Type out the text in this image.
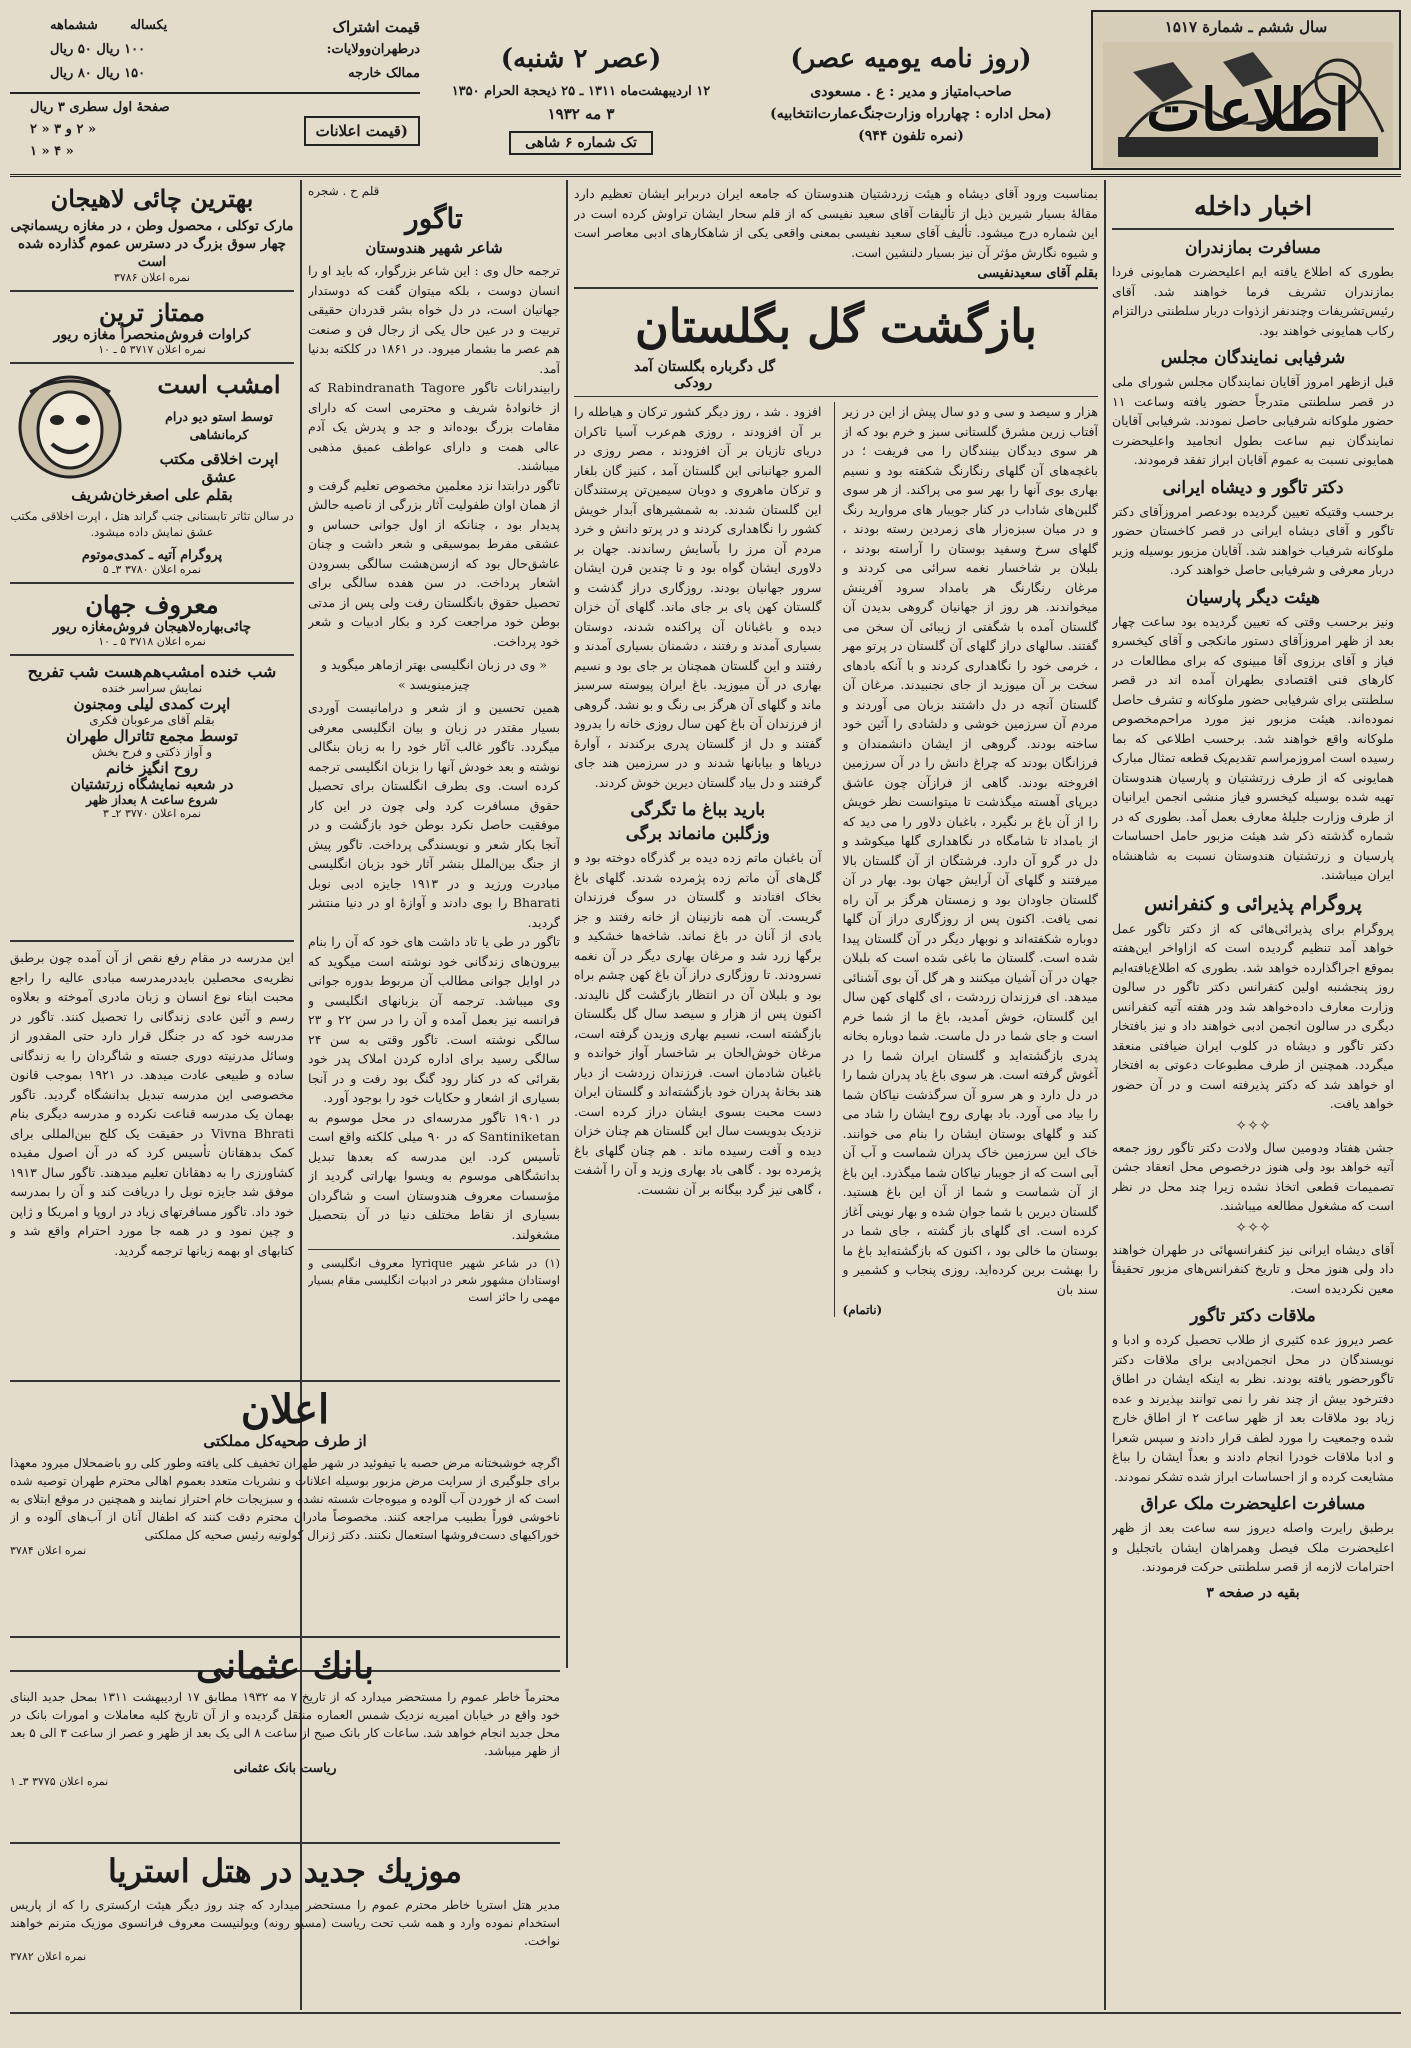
سال ششم ـ شمارة ۱۵۱۷
اطلاعات
(روز نامه یومیه عصر)
صاحب‌امتیاز و مدیر : ع . مسعودی
(محل اداره : چهارراه وزارت‌جنگ‌عمارت‌انتخابیه)
(نمره تلفون ۹۴۴)
(عصر ۲ شنبه)
۱۲ اردیبهشت‌ماه ۱۳۱۱ ـ ۲۵ ذیحجة الحرام ۱۳۵۰
۳ مه ۱۹۳۲
تک شماره ۶ شاهی
قیمت اشتراک
یکساله
ششماهه
درطهران‌وولایات:
۱۰۰ ریال ۵۰ ریال
ممالک خارجه
۱۵۰ ریال ۸۰ ریال
(قیمت اعلانات
صفحهٔ اول سطری ۳ ریال
« ۲ و ۳ « ۲
« ۴ « ۱
اخبار داخله
مسافرت بمازندران

بطوری که اطلاع یافته ایم اعلیحضرت همایونی فردا بمازندران تشریف فرما خواهند شد. آقای رئیس‌تشریفات وچندنفر ازذوات دربار سلطنتی درالتزام رکاب همایونی خواهند بود.

شرفیابی نمایندگان مجلس

قبل ازظهر امروز آقایان نمایندگان مجلس شورای ملی در قصر سلطنتی متدرجاً حضور یافته وساعت ۱۱ حضور ملوکانه شرفیابی حاصل نمودند. شرفیابی آقایان نمایندگان نیم ساعت بطول انجامید واعلیحضرت همایونی نسبت به عموم آقایان ابراز تفقد فرمودند.

دکتر تاگور و دیشاه ایرانی

برحسب وقتیکه تعیین گردیده بودعصر امروزآقای دکتر تاگور و آقای دیشاه ایرانی در قصر کاخستان حضور ملوکانه شرفیاب خواهند شد. آقایان مزبور بوسیله وزیر دربار معرفی و شرفیابی حاصل خواهند کرد.

هیئت دیگر پارسیان

ونیز برحسب وقتی که تعیین گردیده بود ساعت چهار بعد از ظهر امروزآقای دستور مانکجی و آقای کیخسرو فیاز و آقای برزوی آقا مبینوی که برای مطالعات در کارهای فنی اقتصادی بطهران آمده اند در قصر سلطنتی برای شرفیابی حضور ملوکانه و تشرف حاصل نموده‌اند. هیئت مزبور نیز مورد مراحم‌مخصوص ملوکانه واقع خواهند شد. برحسب اطلاعی که بما رسیده است امروزمراسم تقدیم‌یک قطعه تمثال مبارک همایونی که از طرف زرتشتیان و پارسیان هندوستان تهیه شده بوسیله کیخسرو فیاز منشی انجمن ایرانیان از طرف وزارت جلیلهٔ معارف بعمل آمد. بطوری که در شماره گذشته ذکر شد هیئت مزبور حامل احساسات پارسیان و زرتشتیان هندوستان نسبت به شاهنشاه ایران میباشند.

پروگرام پذیرائی و کنفرانس

پروگرام برای پذیرائی‌هائی که از دکتر تاگور عمل خواهد آمد تنظیم گردیده است که ازاواخر این‌هفته بموقع اجراگذارده خواهد شد. بطوری که اطلاع‌یافته‌ایم روز پنجشنبه اولین کنفرانس دکتر تاگور در سالون وزارت معارف داده‌خواهد شد ودر هفته آتیه کنفرانس دیگری در سالون انجمن ادبی خواهند داد و نیز بافتخار دکتر تاگور و دیشاه در کلوب ایران ضیافتی منعقد میگردد. همچنین از طرف مطبوعات دعوتی به افتخار او خواهد شد که دکتر پذیرفته است و در آن حضور خواهد یافت.

✧✧✧

جشن هفتاد ودومین سال ولادت دکتر تاگور روز جمعه آتیه خواهد بود ولی هنوز درخصوص محل انعقاد جشن تصمیمات قطعی اتخاذ نشده زیرا چند محل در نظر است که مشغول مطالعه میباشند.

✧✧✧

آقای دیشاه ایرانی نیز کنفرانسهائی در طهران خواهند داد ولی هنوز محل و تاریخ کنفرانس‌های مزبور تحقیقاً معین نکردیده است.

ملاقات دکتر تاگور

عصر دیروز عده کثیری از طلاب تحصیل کرده و ادبا و نویسندگان در محل انجمن‌ادبی برای ملاقات دکتر تاگورحضور یافته بودند. نظر به اینکه ایشان در اطاق دفترخود بیش از چند نفر را نمی توانند بپذیرند و عده زیاد بود ملاقات بعد از ظهر ساعت ۲ از اطاق خارج شده وجمعیت را مورد لطف قرار دادند و سپس شعرا و ادبا ملاقات خودرا انجام دادند و بعداً ایشان را بباغ مشایعت کرده و از احساسات ابراز شده تشکر نمودند.

مسافرت اعلیحضرت ملک عراق

برطبق رایرت واصله دیروز سه ساعت بعد از ظهر اعلیحضرت ملک فیصل وهمراهان ایشان باتجلیل و احترامات لازمه از قصر سلطنتی حرکت فرمودند.

بقیه در صفحه ۳

بمناسبت ورود آقای دیشاه و هیئت زردشتیان هندوستان که جامعه ایران دربرابر ایشان تعظیم دارد مقالهٔ بسیار شیرین ذیل از تألیفات آقای سعید نفیسی که از قلم سحار ایشان تراوش کرده است در این شماره درج میشود. تألیف آقای سعید نفیسی بمعنی واقعی یکی از شاهکارهای ادبی معاصر است و شیوه نگارش مؤثر آن نیز بسیار دلنشین است.

بقلم آقای سعیدنفیسی
بازگشت گل بگلستان
گل دگرباره بگلستان آمد
رودکی

هزار و سیصد و سی و دو سال پیش از این در زیر آفتاب زرین مشرق گلستانی سبز و خرم بود که از هر سوی دیدگان بینندگان را می فریفت ؛ در باغچه‌های آن گلهای رنگارنگ شکفته بود و نسیم بهاری بوی آنها را بهر سو می پراکند. از هر سوی گلبن‌های شاداب در کنار جویبار های مروارید رنگ و در میان سبزه‌زار های زمردین رسته بودند ، گلهای سرخ وسفید بوستان را آراسته بودند ، بلبلان بر شاخسار نغمه سرائی می کردند و مرغان رنگارنگ هر بامداد سرود آفرینش میخواندند. هر روز از جهانیان گروهی بدیدن آن گلستان آمده با شگفتی از زیبائی آن سخن می گفتند. سالهای دراز گلهای آن گلستان در پرتو مهر ، خرمی خود را نگاهداری کردند و با آنکه بادهای سخت بر آن میوزید از جای نجنبیدند. مرغان آن گلستان آنچه در دل داشتند بزبان می آوردند و مردم آن سرزمین خوشی و دلشادی را آئین خود ساخته بودند. گروهی از ایشان دانشمندان و فرزانگان بودند که چراغ دانش را در آن سرزمین افروخته بودند. گاهی از فرازآن چون عاشق دیرپای آهسته میگذشت تا میتوانست نظر خویش را از آن باغ بر نگیرد ، باغبان دلاور را می دید که از بامداد تا شامگاه در نگاهداری گلها میکوشد و دل در گرو آن دارد. فرشتگان از آن گلستان بالا میرفتند و گلهای آن آرایش جهان بود. بهار در آن گلستان جاودان بود و زمستان هرگز بر آن راه نمی یافت. اکنون پس از روزگاری دراز آن گلها دوباره شکفته‌اند و نوبهار دیگر در آن گلستان پیدا شده است. گلستان ما باغی شده است که بلبلان جهان در آن آشیان میکنند و هر گل آن بوی آشنائی میدهد. ای فرزندان زردشت ، ای گلهای کهن سال این گلستان، خوش آمدید، باغ ما از شما خرم است و جای شما در دل ماست. شما دوباره بخانه پدری بازگشته‌اید و گلستان ایران شما را در آغوش گرفته است. هر سوی باغ یاد پدران شما را در دل دارد و هر سرو آن سرگذشت نیاکان شما را بیاد می آورد. باد بهاری روح ایشان را شاد می کند و گلهای بوستان ایشان را بنام می خوانند. خاک این سرزمین خاک پدران شماست و آب آن آبی است که از جویبار نیاکان شما میگذرد. این باغ از آن شماست و شما از آن این باغ هستید. گلستان دیرین با شما جوان شده و بهار نوینی آغاز کرده است. ای گلهای باز گشته ، جای شما در بوستان ما خالی بود ، اکنون که بازگشته‌اید باغ ما را بهشت برین کرده‌اید. روزی پنجاب و کشمیر و سند بان

(ناتمام)

افزود . شد ، روز دیگر کشور ترکان و هیاطله را بر آن افزودند ، روزی هم‌عرب آسیا تاکران دریای تازیان بر آن افزودند ، مصر روزی در المرو جهانبانی این گلستان آمد ، کنیز گان بلغار و ترکان ماهروی و دوبان سیمین‌تن پرستندگان این گلستان شدند. به شمشیرهای آبدار خویش کشور را نگاهداری کردند و در پرتو دانش و خرد مردم آن مرز را بآسایش رساندند. جهان بر دلاوری ایشان گواه بود و تا چندین قرن ایشان سرور جهانیان بودند. روزگاری دراز گذشت و گلستان کهن پای بر جای ماند. گلهای آن خزان دیده و باغبانان آن پراکنده شدند، دوستان بسیاری آمدند و رفتند ، دشمنان بسیاری آمدند و رفتند و این گلستان همچنان بر جای بود و نسیم بهاری در آن میوزید. باغ ایران پیوسته سرسبز ماند و گلهای آن هرگز بی رنگ و بو نشد. گروهی از فرزندان آن باغ کهن سال روزی خانه را بدرود گفتند و دل از گلستان پدری برکندند ، آوارهٔ دریاها و بیابانها شدند و در سرزمین هند جای گرفتند و دل بیاد گلستان دیرین خوش کردند.

بارید بباغ ما تگرگی
وزگلبن مانماند برگی

آن باغبان ماتم زده دیده بر گذرگاه دوخته بود و گل‌های آن ماتم زده پژمرده شدند. گلهای باغ بخاک افتادند و گلستان در سوگ فرزندان گریست. آن همه نازنینان از خانه رفتند و جز یادی از آنان در باغ نماند. شاخه‌ها خشکید و برگها زرد شد و مرغان بهاری دیگر در آن نغمه نسرودند. تا روزگاری دراز آن باغ کهن چشم براه بود و بلبلان آن در انتظار بازگشت گل نالیدند. اکنون پس از هزار و سیصد سال گل بگلستان بازگشته است، نسیم بهاری وزیدن گرفته است، مرغان خوش‌الحان بر شاخسار آواز خوانده و باغبان شادمان است. فرزندان زردشت از دیار هند بخانهٔ پدران خود بازگشته‌اند و گلستان ایران دست محبت بسوی ایشان دراز کرده است. نزدیک بدویست سال این گلستان هم چنان خزان دیده و آفت رسیده ماند . هم چنان گلهای باغ پژمرده بود . گاهی باد بهاری وزید و آن را آشفت ، گاهی نیز گرد بیگانه بر آن نشست.

قلم ح . شجره
تاگور
شاعر شهیر هندوستان

ترجمه حال وی : این شاعر بزرگوار، که باید او را انسان دوست ، بلکه میتوان گفت که دوستدار جهانیان است، در دل خواه بشر قدردان حقیقی تربیت و در عین حال یکی از رجال فن و صنعت هم‌ عصر ما بشمار میرود. در ۱۸۶۱ در کلکته بدنیا آمد.

رابیندرانات تاگور Rabindranath Tagore که از خانوادهٔ شریف و محترمی است که دارای مقامات بزرگ بوده‌اند و جد و پدرش یک آدم عالی همت و دارای عواطف عمیق مذهبی میباشند.

تاگور درابتدا نزد معلمین مخصوص تعلیم گرفت و از همان اوان طفولیت آثار بزرگی از ناصیه حالش پدیدار بود ، چنانکه از اول جوانی حساس و عشقی مفرط بموسیقی و شعر داشت و چنان عاشق‌حال بود که ازسن‌هشت سالگی بسرودن اشعار پرداخت. در سن هفده سالگی برای تحصیل حقوق بانگلستان رفت ولی پس از مدتی بوطن خود مراجعت کرد و بکار ادبیات و شعر خود پرداخت.

« وی در زبان انگلیسی بهتر ازماهر میگوید و چیزمینویسد »

همین تحسین و از شعر و درامانیست آوردی بسیار مقتدر در زبان و بیان انگلیسی معرفی میگردد. تاگور غالب آثار خود را به زبان بنگالی نوشته و بعد خودش آنها را بزبان انگلیسی ترجمه کرده است. وی بطرف انگلستان برای تحصیل حقوق مسافرت کرد ولی چون در این کار موفقیت حاصل نکرد بوطن خود بازگشت و در آنجا بکار شعر و نویسندگی پرداخت. تاگور پیش از جنگ بین‌الملل بنشر آثار خود بزبان انگلیسی مبادرت ورزید و در ۱۹۱۳ جایزه ادبی نوبل Bharati را بوی دادند و آوازهٔ او در دنیا منتشر گردید.

تاگور در طی یا تاد داشت های خود که آن را بنام بیرون‌های زندگانی خود نوشته است میگوید که در اوایل جوانی مطالب آن مربوط بدوره جوانی وی میباشد. ترجمه آن بزبانهای انگلیسی و فرانسه نیز بعمل آمده و آن را در سن ۲۲ و ۲۳ سالگی نوشته است. تاگور وقتی به سن ۲۴ سالگی رسید برای اداره کردن املاک پدر خود بقرائی که در کنار رود گنگ بود رفت و در آنجا بسیاری از اشعار و حکایات خود را بوجود آورد.

در ۱۹۰۱ تاگور مدرسه‌ای در محل موسوم به Santiniketan که در ۹۰ میلی کلکته واقع است تأسیس کرد. این مدرسه که بعدها تبدیل بدانشگاهی موسوم به ویسوا بهاراتی گردید از مؤسسات معروف هندوستان است و شاگردان بسیاری از نقاط مختلف دنیا در آن بتحصیل مشغولند.

(۱) در شاعر شهیر lyrique معروف انگلیسی و اوستادان مشهور شعر در ادبیات انگلیسی مقام بسیار مهمی را حائز است

بهترین چائی لاهیجان

مارک توکلی ، محصول وطن ، در مغازه ریسمانچی چهار سوق بزرگ در دسترس عموم گذارده شده است

نمره اعلان ۳۷۸۶
ممتاز ترین
کراوات فروش‌منحصراً مغازه ریور
نمره اعلان ۳۷۱۷ ۵ ـ ۱۰
امشب است
توسط استو دیو درام کرمانشاهی
اپرت اخلاقی مکتب عشق
بقلم علی اصغرخان‌شریف
در سالن تئاتر تابستانی جنب گراند هتل ، اپرت اخلاقی مکتب عشق نمایش داده میشود.
پروگرام آتیه‌ ـ کمدی‌موتوم
نمره اعلان ۳۷۸۰ ۳ـ ۵
معروف جهان
چائی‌بهاره‌لاهیجان فروش‌مغازه ریور
نمره اعلان ۳۷۱۸ ۵ ـ ۱۰
شب خنده امشب‌هم‌هست شب تفریح
نمایش سراسر خنده
اپرت کمدی لیلی ومجنون
بقلم آقای مرعوبان فکری
توسط مجمع تئاترال طهران
و آواز ذکتی و فرح بخش
روح انگیز خانم
در شعبه نمایشگاه زرتشتیان
شروع ساعت ۸ بعداز ظهر
نمره اعلان ۳۷۷۰ ۲ـ ۳

این مدرسه در مقام رفع نقص از آن آمده چون برطبق نظریه‌ی محصلین بایددرمدرسه مبادی عالیه را راجع محبت ابناء نوع انسان و زبان مادری آموخته و بعلاوه رسم و آئین عادی زندگانی را تحصیل کنند. تاگور در مدرسه خود که در جنگل قرار دارد حتی المقدور از وسائل مدرنیته دوری جسته و شاگردان را به زندگانی ساده و طبیعی عادت میدهد. در ۱۹۲۱ بموجب قانون مخصوصی این مدرسه تبدیل بدانشگاه گردید. تاگور بهمان یک مدرسه قناعت نکرده و مدرسه دیگری بنام Vivna Bhrati در حقیقت یک کلج بین‌المللی برای کمک بدهقانان تأسیس کرد که در آن اصول مفیده کشاورزی را به دهقانان تعلیم میدهند. تاگور سال ۱۹۱۳ موفق شد جایزه نوبل را دریافت کند و آن را بمدرسه خود داد. تاگور مسافرتهای زیاد در اروپا و امریکا و ژاپن و چین نمود و در همه جا مورد احترام واقع شد و کتابهای او بهمه زبانها ترجمه گردید.

اعلان
از طرف صحیه‌کل مملکتی

اگرچه خوشبختانه مرض حصبه یا تیفوئید در شهر طهران تخفیف کلی یافته وطور کلی رو باضمحلال میرود معهذا برای جلوگیری از سرایت مرض مزبور بوسیله اعلانات و نشریات متعدد بعموم اهالی محترم طهران توصیه شده است که از خوردن آب آلوده و میوه‌جات شسته نشده و سبزیجات خام احتراز نمایند و همچنین در موقع ابتلای به ناخوشی فوراً بطبیب مراجعه کنند. مخصوصاً مادران محترم دقت کنند که اطفال آنان از آب‌های آلوده و از خوراکیهای دست‌فروشها استعمال نکنند. دکتر ژنرال کولونیه رئیس صحیه کل مملکتی

نمره اعلان ۳۷۸۴
بانك عثمانی

محترماً خاطر عموم را مستحضر میدارد که از تاریخ ۷ مه ۱۹۳۲ مطابق ۱۷ اردیبهشت ۱۳۱۱ بمحل جدید البنای خود واقع در خیابان امیریه نزدیک شمس العماره منتقل گردیده و از آن تاریخ کلیه معاملات و امورات بانک در محل جدید انجام خواهد شد. ساعات کار بانک صبح از ساعت ۸ الی یک بعد از ظهر و عصر از ساعت ۳ الی ۵ بعد از ظهر میباشد.

ریاست بانک عثمانی
نمره اعلان ۳۷۷۵ ۳ـ ۱
موزیك جدید در هتل استریا

مدیر هتل استریا خاطر محترم عموم را مستحضر میدارد که چند روز دیگر هیئت ارکستری را که از پاریس استخدام نموده وارد و همه شب تحت ریاست (مسیو رونه) ویولنیست معروف فرانسوی موزیک مترنم خواهند نواخت.

نمره اعلان ۳۷۸۲
